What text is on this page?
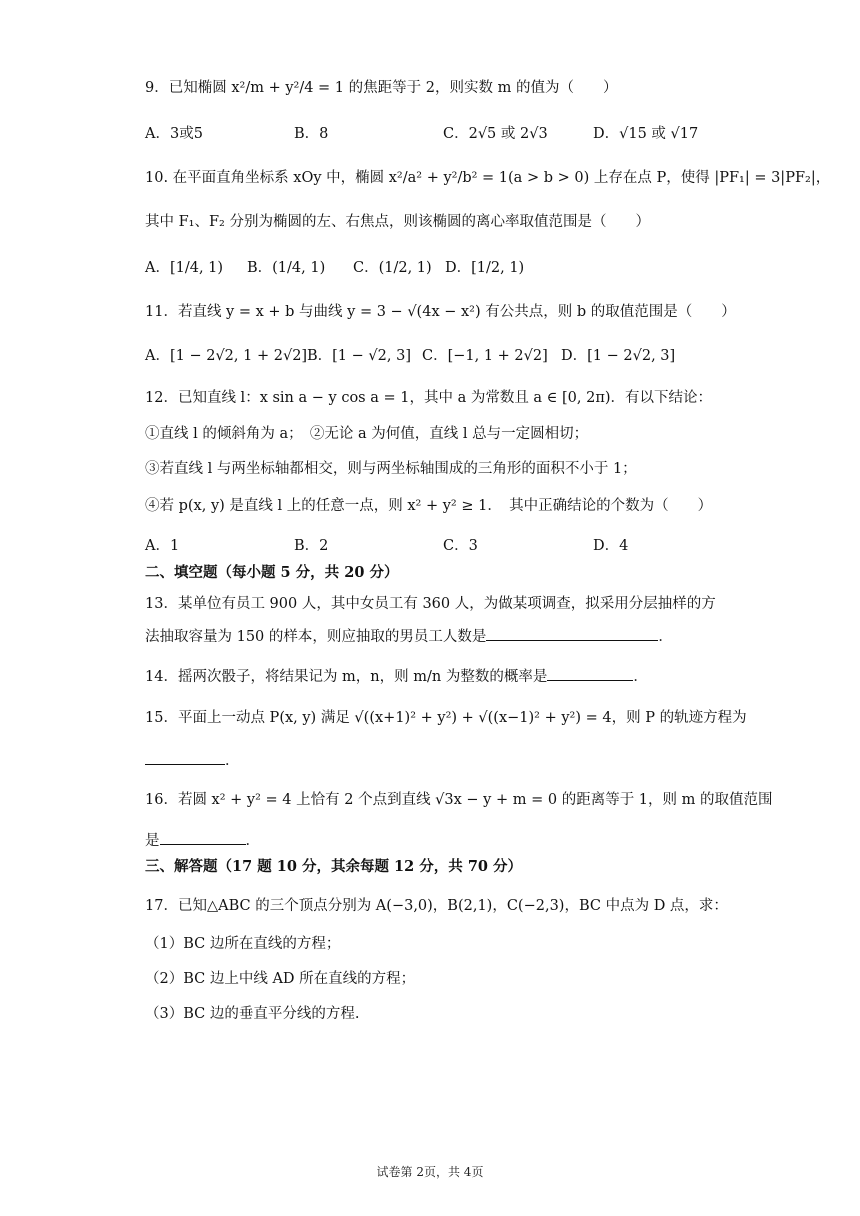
9．已知椭圆 x²/m + y²/4 = 1 的焦距等于 2，则实数 m 的值为（　　）
A．3或5	B．8	C．2√5 或 2√3	D．√15 或 √17
10. 在平面直角坐标系 xOy 中，椭圆 x²/a² + y²/b² = 1(a > b > 0) 上存在点 P，使得 |PF₁| = 3|PF₂|，
其中 F₁、F₂ 分别为椭圆的左、右焦点，则该椭圆的离心率取值范围是（　　）
A．[1/4, 1) B．(1/4, 1) C．(1/2, 1) D．[1/2, 1)
11．若直线 y = x + b 与曲线 y = 3 − √(4x − x²) 有公共点，则 b 的取值范围是（　　）
A．[1 − 2√2, 1 + 2√2] B．[1 − √2, 3] C．[−1, 1 + 2√2] D．[1 − 2√2, 3]
12．已知直线 l：x sin a − y cos a = 1，其中 a 为常数且 a ∈ [0, 2π)．有以下结论：
①直线 l 的倾斜角为 a；　②无论 a 为何值，直线 l 总与一定圆相切；
③若直线 l 与两坐标轴都相交，则与两坐标轴围成的三角形的面积不小于 1；
④若 p(x, y) 是直线 l 上的任意一点，则 x² + y² ≥ 1．　其中正确结论的个数为（　　）
A．1	B．2	C．3	D．4
二、填空题（每小题 5 分，共 20 分）
13．某单位有员工 900 人，其中女员工有 360 人，为做某项调查，拟采用分层抽样的方
法抽取容量为 150 的样本，则应抽取的男员工人数是	．
14．摇两次骰子，将结果记为 m，n，则 m/n 为整数的概率是	．
15．平面上一动点 P(x, y) 满足 √((x+1)² + y²) + √((x−1)² + y²) = 4，则 P 的轨迹方程为
．
16．若圆 x² + y² = 4 上恰有 2 个点到直线 √3x − y + m = 0 的距离等于 1，则 m 的取值范围
是	．
三、解答题（17 题 10 分，其余每题 12 分，共 70 分）
17．已知△ABC 的三个顶点分别为 A(−3,0)，B(2,1)，C(−2,3)，BC 中点为 D 点，求：
（1）BC 边所在直线的方程；
（2）BC 边上中线 AD 所在直线的方程；
（3）BC 边的垂直平分线的方程.
试卷第 2页，共 4页
